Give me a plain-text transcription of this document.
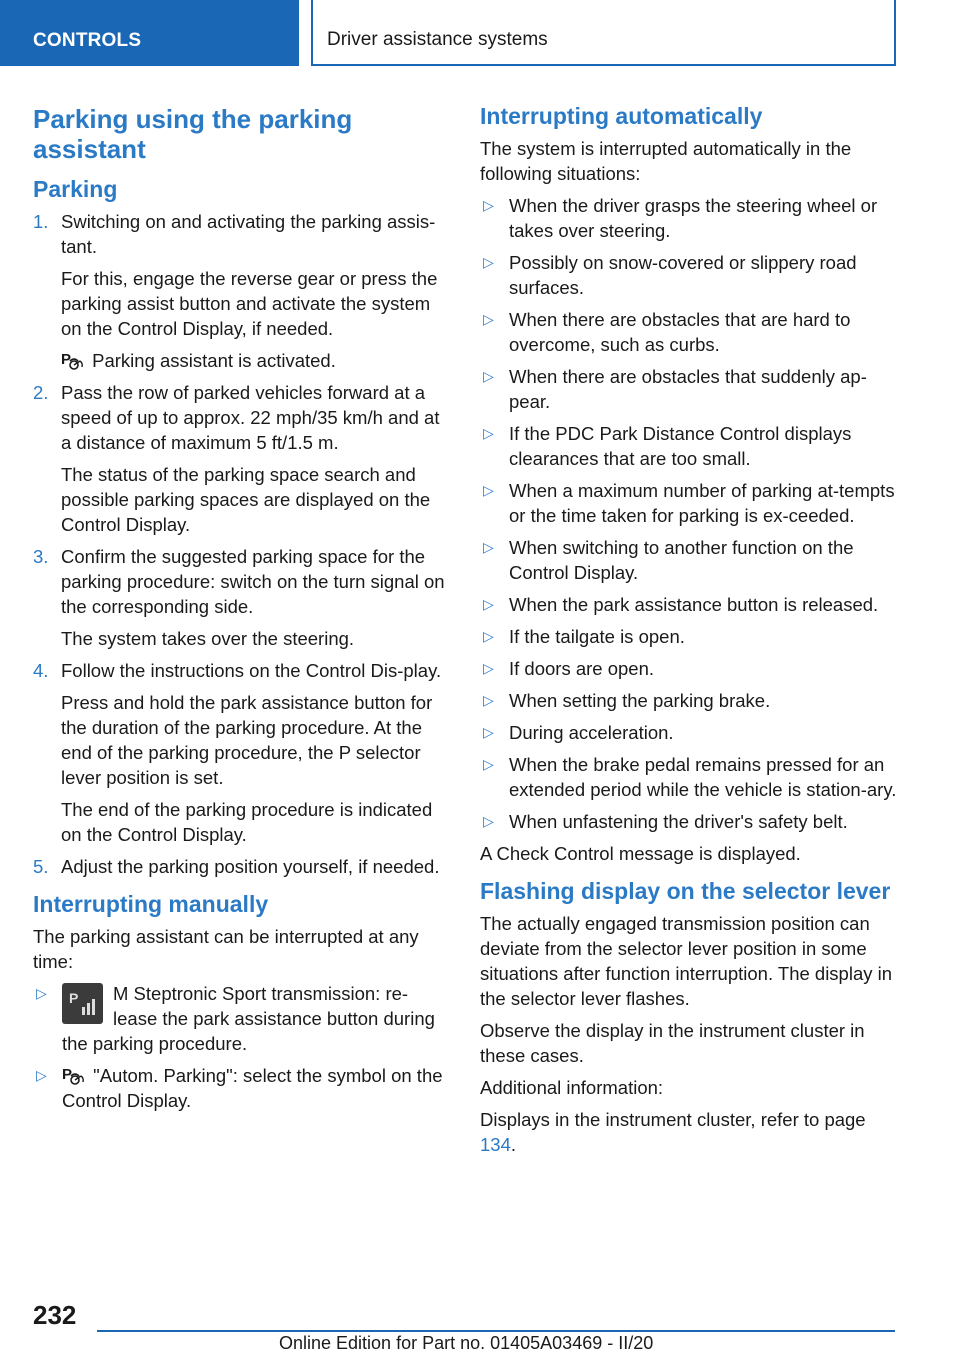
CONTROLS	Driver assistance systems
Parking using the parking assistant
Parking
1. Switching on and activating the parking assis-tant.

For this, engage the reverse gear or press the parking assist button and activate the system on the Control Display, if needed.

P Parking assistant is activated.

2. Pass the row of parked vehicles forward at a speed of up to approx. 22 mph/35 km/h and at a distance of maximum 5 ft/1.5 m.

The status of the parking space search and possible parking spaces are displayed on the Control Display.

3. Confirm the suggested parking space for the parking procedure: switch on the turn signal on the corresponding side.

The system takes over the steering.

4. Follow the instructions on the Control Dis-play.

Press and hold the park assistance button for the duration of the parking procedure. At the end of the parking procedure, the P selector lever position is set.

The end of the parking procedure is indicated on the Control Display.

5. Adjust the parking position yourself, if needed.

Interrupting manually

The parking assistant can be interrupted at any time:

▷ P M Steptronic Sport transmission: re-lease the park assistance button during the parking procedure.
▷ P "Autom. Parking": select the symbol on the Control Display.
Interrupting automatically

The system is interrupted automatically in the following situations:

▷ When the driver grasps the steering wheel or takes over steering.
▷ Possibly on snow-covered or slippery road surfaces.
▷ When there are obstacles that are hard to overcome, such as curbs.
▷ When there are obstacles that suddenly ap-pear.
▷ If the PDC Park Distance Control displays clearances that are too small.
▷ When a maximum number of parking at-tempts or the time taken for parking is ex-ceeded.
▷ When switching to another function on the Control Display.
▷ When the park assistance button is released.
▷ If the tailgate is open.
▷ If doors are open.
▷ When setting the parking brake.
▷ During acceleration.
▷ When the brake pedal remains pressed for an extended period while the vehicle is station-ary.
▷ When unfastening the driver's safety belt.

A Check Control message is displayed.

Flashing display on the selector lever

The actually engaged transmission position can deviate from the selector lever position in some situations after function interruption. The display in the selector lever flashes.

Observe the display in the instrument cluster in these cases.

Additional information:

Displays in the instrument cluster, refer to page 134.

232
Online Edition for Part no. 01405A03469 - II/20
